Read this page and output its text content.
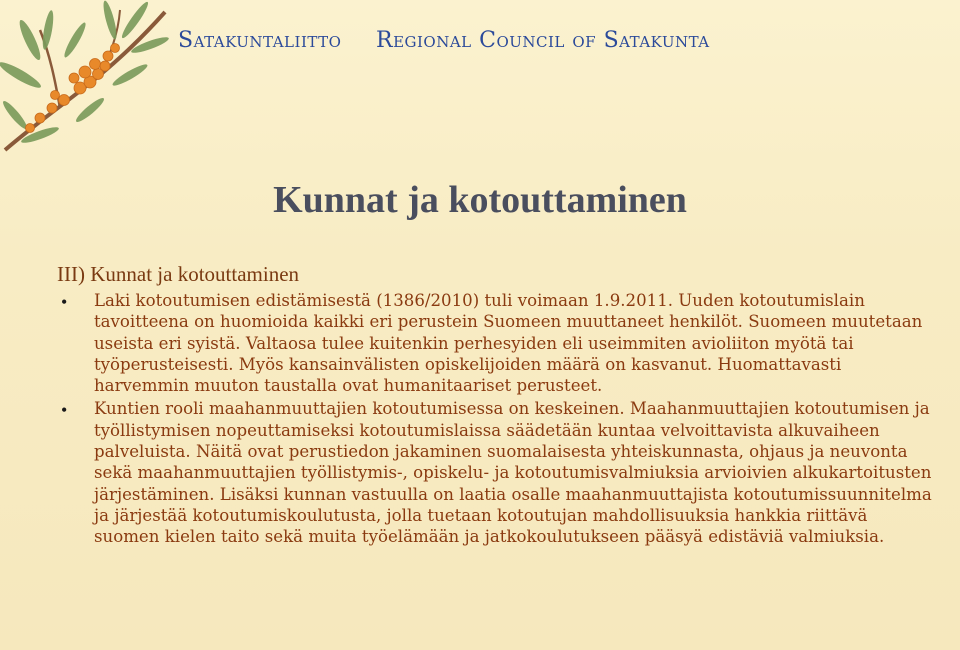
Satakuntaliitto Regional Council of Satakunta
Kunnat ja kotouttaminen
III) Kunnat ja kotouttaminen
• Laki kotoutumisen edistämisestä (1386/2010) tuli voimaan 1.9.2011. Uuden kotoutumislain tavoitteena on huomioida kaikki eri perustein Suomeen muuttaneet henkilöt. Suomeen muutetaan useista eri syistä. Valtaosa tulee kuitenkin perhesyiden eli useimmiten avioliiton myötä tai työperusteisesti. Myös kansainvälisten opiskelijoiden määrä on kasvanut. Huomattavasti harvemmin muuton taustalla ovat humanitaariset perusteet.
• Kuntien rooli maahanmuuttajien kotoutumisessa on keskeinen. Maahanmuuttajien kotoutumisen ja työllistymisen nopeuttamiseksi kotoutumislaissa säädetään kuntaa velvoittavista alkuvaiheen palveluista. Näitä ovat perustiedon jakaminen suomalaisesta yhteiskunnasta, ohjaus ja neuvonta sekä maahanmuuttajien työllistymis-, opiskelu- ja kotoutumisvalmiuksia arvioivien alkukartoitusten järjestäminen. Lisäksi kunnan vastuulla on laatia osalle maahanmuuttajista kotoutumissuunnitelma ja järjestää kotoutumiskoulutusta, jolla tuetaan kotoutujan mahdollisuuksia hankkia riittävä suomen kielen taito sekä muita työelämään ja jatkokoulutukseen pääsyä edistäviä valmiuksia.
